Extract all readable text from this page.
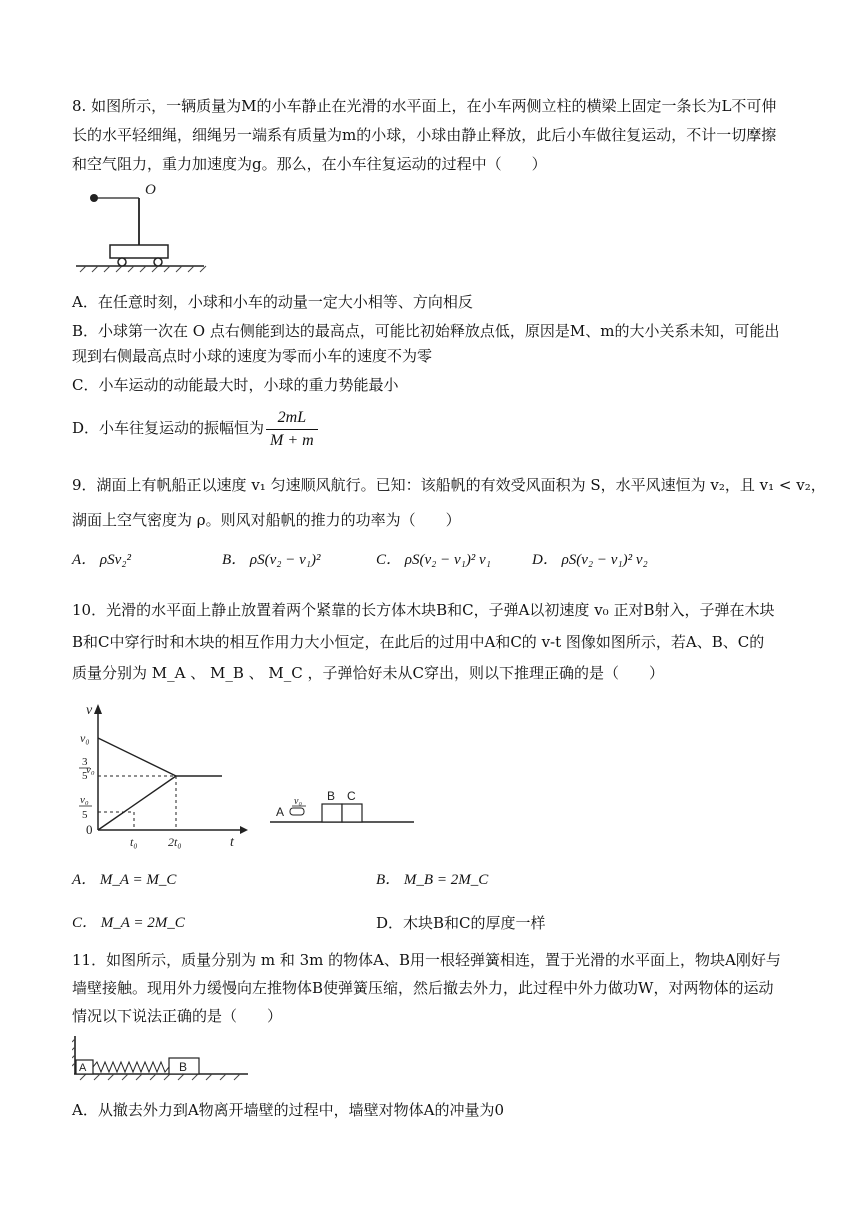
8. 如图所示，一辆质量为M的小车静止在光滑的水平面上，在小车两侧立柱的横梁上固定一条长为L不可伸
长的水平轻细绳，细绳另一端系有质量为m的小球，小球由静止释放，此后小车做往复运动，不计一切摩擦
和空气阻力，重力加速度为g。那么，在小车往复运动的过程中（　　）
O
A．在任意时刻，小球和小车的动量一定大小相等、方向相反
B．小球第一次在 O 点右侧能到达的最高点，可能比初始释放点低，原因是M、m的大小关系未知，可能出
现到右侧最高点时小球的速度为零而小车的速度不为零
C．小车运动的动能最大时，小球的重力势能最小
D．小车往复运动的振幅恒为 $\frac{2mL}{M + m}$
9．湖面上有帆船正以速度 v₁ 匀速顺风航行。已知：该船帆的有效受风面积为 S，水平风速恒为 v₂，且 v₁ < v₂，
湖面上空气密度为 ρ。则风对船帆的推力的功率为（　　）
A． ρSv₂²	B． ρS(v₂ − v₁)²	C． ρS(v₂ − v₁)² v₁	D． ρS(v₂ − v₁)² v₂
10．光滑的水平面上静止放置着两个紧靠的长方体木块B和C，子弹A以初速度 v₀ 正对B射入，子弹在木块
B和C中穿行时和木块的相互作用力大小恒定，在此后的过用中A和C的 v-t 图像如图所示，若A、B、C的
质量分别为 M_A 、 M_B 、 M_C ，子弹恰好未从C穿出，则以下推理正确的是（　　）
v
t
0
v₀
3
5
v₀
v₀
5
t₀	2t₀
A
v₀ B C
A． M_A = M_C	B． M_B = 2M_C
C． M_A = 2M_C	D．木块B和C的厚度一样
11．如图所示，质量分别为 m 和 3m 的物体A、B用一根轻弹簧相连，置于光滑的水平面上，物块A刚好与
墙壁接触。现用外力缓慢向左推物体B使弹簧压缩，然后撤去外力，此过程中外力做功W，对两物体的运动
情况以下说法正确的是（　　）
A	B
A．从撤去外力到A物离开墙壁的过程中，墙壁对物体A的冲量为0
